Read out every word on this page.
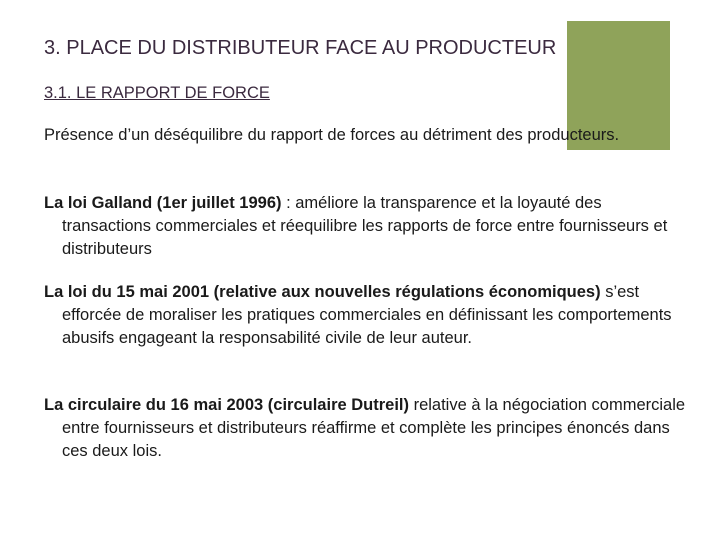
3. PLACE DU DISTRIBUTEUR FACE AU PRODUCTEUR
3.1. LE RAPPORT DE FORCE

Présence d’un déséquilibre du rapport de forces au détriment des producteurs.

La loi Galland (1er juillet 1996) : améliore la transparence et la loyauté des transactions commerciales et réequilibre les rapports de force entre fournisseurs et distributeurs

La loi du 15 mai 2001 (relative aux nouvelles régulations économiques) s’est efforcée de moraliser les pratiques commerciales en définissant les comportements abusifs engageant la responsabilité civile de leur auteur.

La circulaire du 16 mai 2003 (circulaire Dutreil) relative à la négociation commerciale entre fournisseurs et distributeurs réaffirme et complète les principes énoncés dans ces deux lois.
